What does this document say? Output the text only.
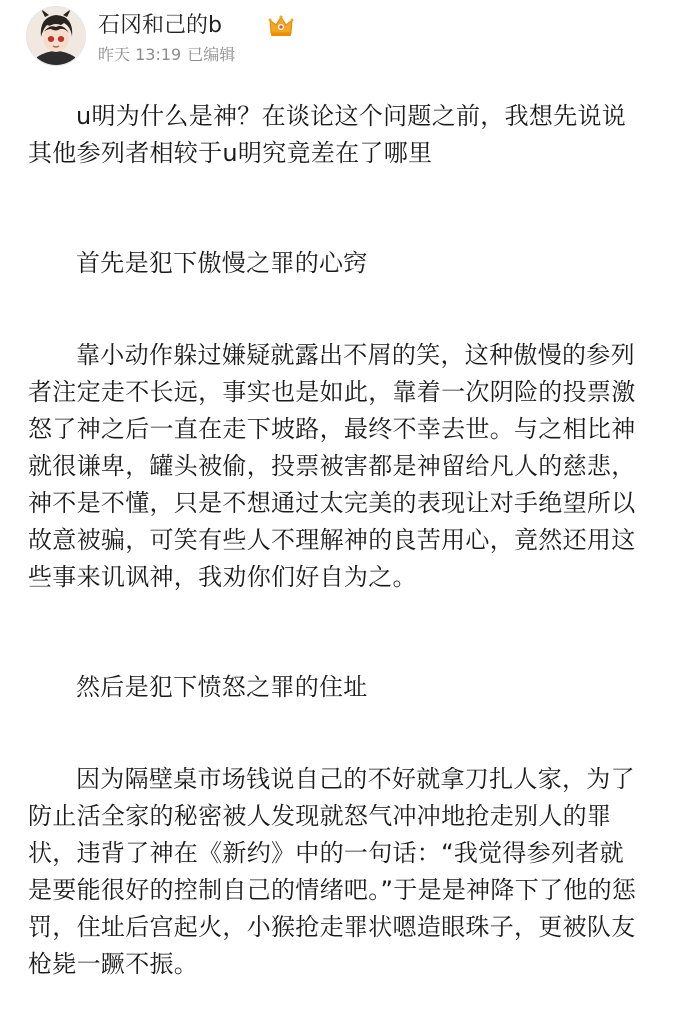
石冈和己的b
昨天 13:19 已编辑

u明为什么是神？在谈论这个问题之前，我想先说说其他参列者相较于u明究竟差在了哪里

首先是犯下傲慢之罪的心窍

靠小动作躲过嫌疑就露出不屑的笑，这种傲慢的参列者注定走不长远，事实也是如此，靠着一次阴险的投票激怒了神之后一直在走下坡路，最终不幸去世。与之相比神就很谦卑，罐头被偷，投票被害都是神留给凡人的慈悲，神不是不懂，只是不想通过太完美的表现让对手绝望所以故意被骗，可笑有些人不理解神的良苦用心，竟然还用这些事来讥讽神，我劝你们好自为之。

然后是犯下愤怒之罪的住址

因为隔壁桌市场钱说自己的不好就拿刀扎人家，为了防止活全家的秘密被人发现就怒气冲冲地抢走别人的罪状，违背了神在《新约》中的一句话：“我觉得参列者就是要能很好的控制自己的情绪吧。”于是是神降下了他的惩罚，住址后宫起火，小猴抢走罪状嗯造眼珠子，更被队友枪毙一蹶不振。
